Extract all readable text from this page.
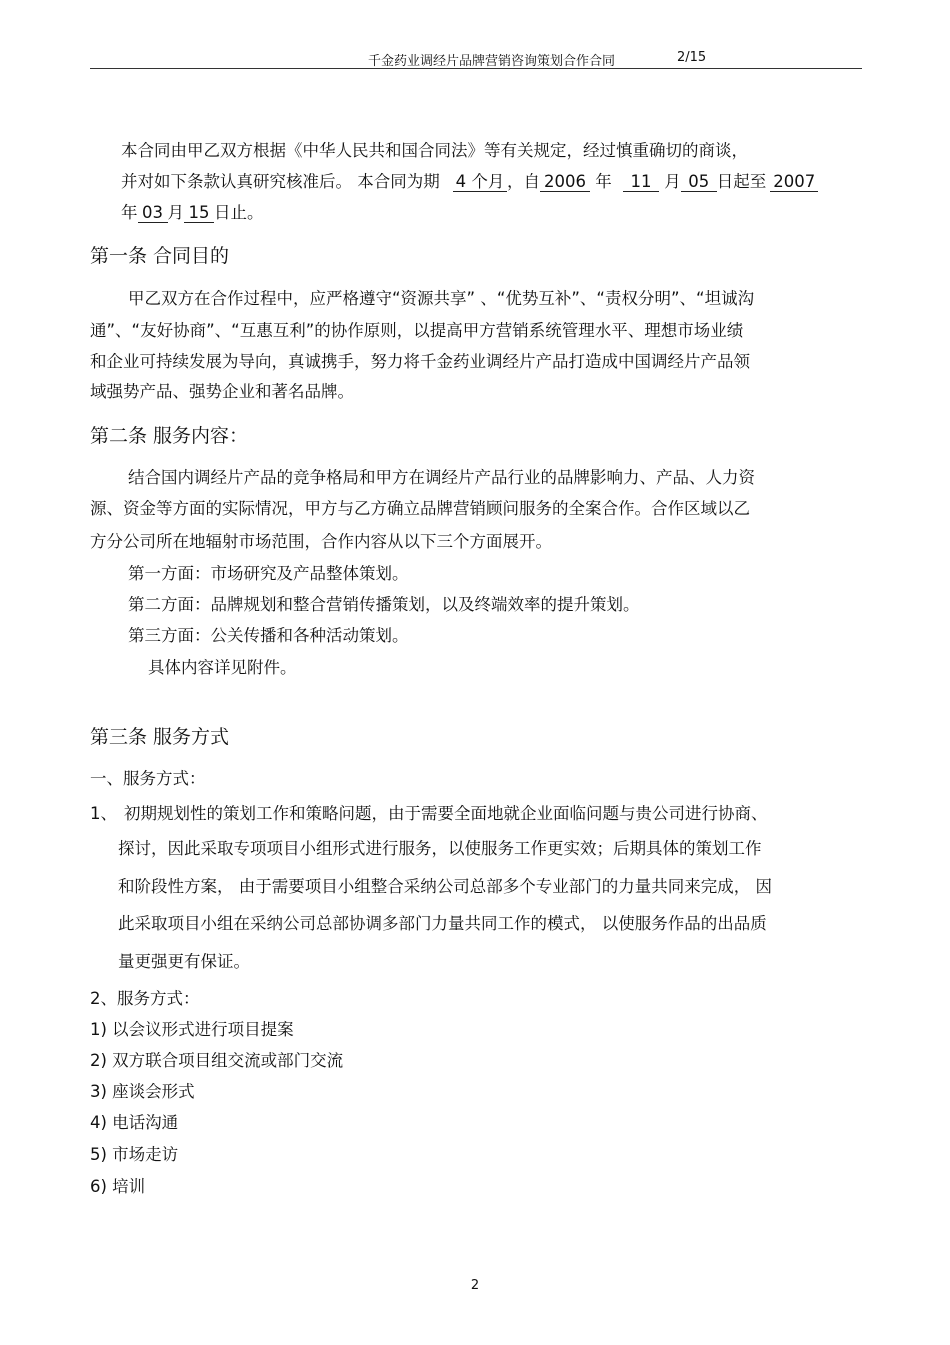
千金药业调经片品牌营销咨询策划合作合同	2/15
本合同由甲乙双方根据《中华人民共和国合同法》等有关规定，经过慎重确切的商谈，
并对如下条款认真研究核准后。 本合同为期 4 个月 ，自 2006 年 11 月 05 日起至 2007
年 03 月 15 日止。
第一条 合同目的
甲乙双方在合作过程中，应严格遵守“资源共享” 、“优势互补”、“责权分明”、“坦诚沟
通”、“友好协商”、“互惠互利”的协作原则，以提高甲方营销系统管理水平、理想市场业绩
和企业可持续发展为导向，真诚携手，努力将千金药业调经片产品打造成中国调经片产品领
域强势产品、强势企业和著名品牌。
第二条 服务内容：
结合国内调经片产品的竞争格局和甲方在调经片产品行业的品牌影响力、产品、人力资
源、资金等方面的实际情况，甲方与乙方确立品牌营销顾问服务的全案合作。合作区域以乙
方分公司所在地辐射市场范围，合作内容从以下三个方面展开。
第一方面：市场研究及产品整体策划。
第二方面：品牌规划和整合营销传播策划，以及终端效率的提升策划。
第三方面：公关传播和各种活动策划。
具体内容详见附件。
第三条 服务方式
一、服务方式：
1、 初期规划性的策划工作和策略问题，由于需要全面地就企业面临问题与贵公司进行协商、
探讨，因此采取专项项目小组形式进行服务，以使服务工作更实效；后期具体的策划工作
和阶段性方案， 由于需要项目小组整合采纳公司总部多个专业部门的力量共同来完成， 因
此采取项目小组在采纳公司总部协调多部门力量共同工作的模式， 以使服务作品的出品质
量更强更有保证。
2、服务方式：
1) 以会议形式进行项目提案
2) 双方联合项目组交流或部门交流
3) 座谈会形式
4) 电话沟通
5) 市场走访
6) 培训
2
